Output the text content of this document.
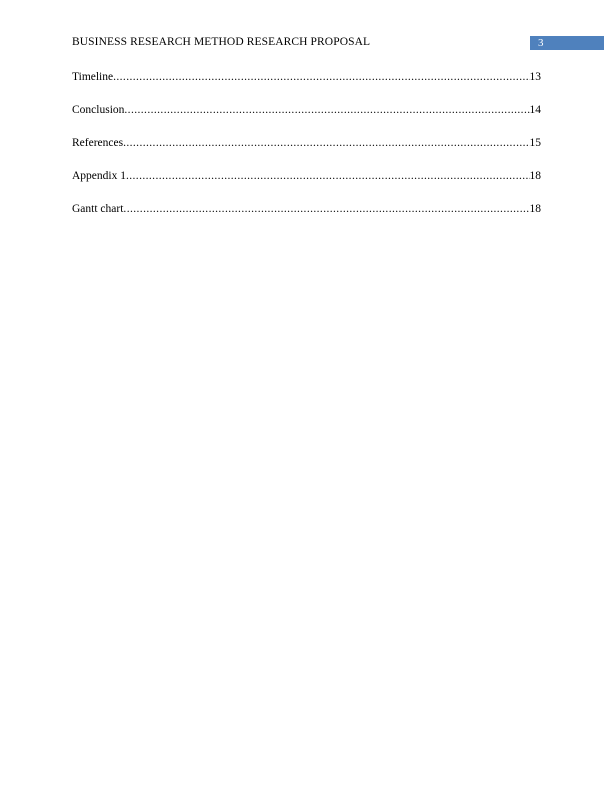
BUSINESS RESEARCH METHOD RESEARCH PROPOSAL	3
Timeline .....	13
Conclusion .....	14
References .....	15
Appendix 1 .....	18
Gantt chart .....	18
